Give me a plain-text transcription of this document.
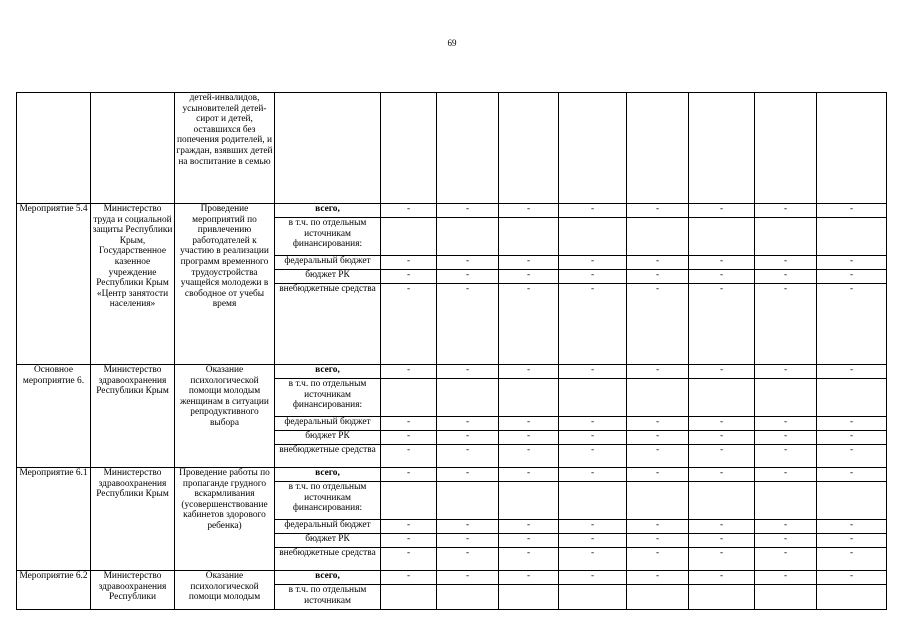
69
		детей-инвалидов, усыновителей детей-сирот и детей, оставшихся без попечения родителей, и граждан, взявших детей на воспитание в семью									
Мероприятие 5.4	Министерство труда и социальной защиты Республики Крым, Государственное казенное учреждение Республики Крым «Центр занятости населения»	Проведение мероприятий по привлечению работодателей к участию в реализации программ временного трудоустройства учащейся молодежи в свободное от учебы время	всего,	-	-	-	-	-	-	-	-
			в т.ч. по отдельным источникам финансирования:								
			федеральный бюджет	-	-	-	-	-	-	-	-
			бюджет РК	-	-	-	-	-	-	-	-
			внебюджетные средства	-	-	-	-	-	-	-	-
Основное мероприятие 6.	Министерство здравоохранения Республики Крым	Оказание психологической помощи молодым женщинам в ситуации репродуктивного выбора	всего,	-	-	-	-	-	-	-	-
			в т.ч. по отдельным источникам финансирования:								
			федеральный бюджет	-	-	-	-	-	-	-	-
			бюджет РК	-	-	-	-	-	-	-	-
			внебюджетные средства	-	-	-	-	-	-	-	-
Мероприятие 6.1	Министерство здравоохранения Республики Крым	Проведение работы по пропаганде грудного вскармливания (усовершенствование кабинетов здорового ребенка)	всего,	-	-	-	-	-	-	-	-
			в т.ч. по отдельным источникам финансирования:								
			федеральный бюджет	-	-	-	-	-	-	-	-
			бюджет РК	-	-	-	-	-	-	-	-
			внебюджетные средства	-	-	-	-	-	-	-	-
Мероприятие 6.2	Министерство здравоохранения Республики	Оказание психологической помощи молодым	всего,	-	-	-	-	-	-	-	-
			в т.ч. по отдельным источникам								
